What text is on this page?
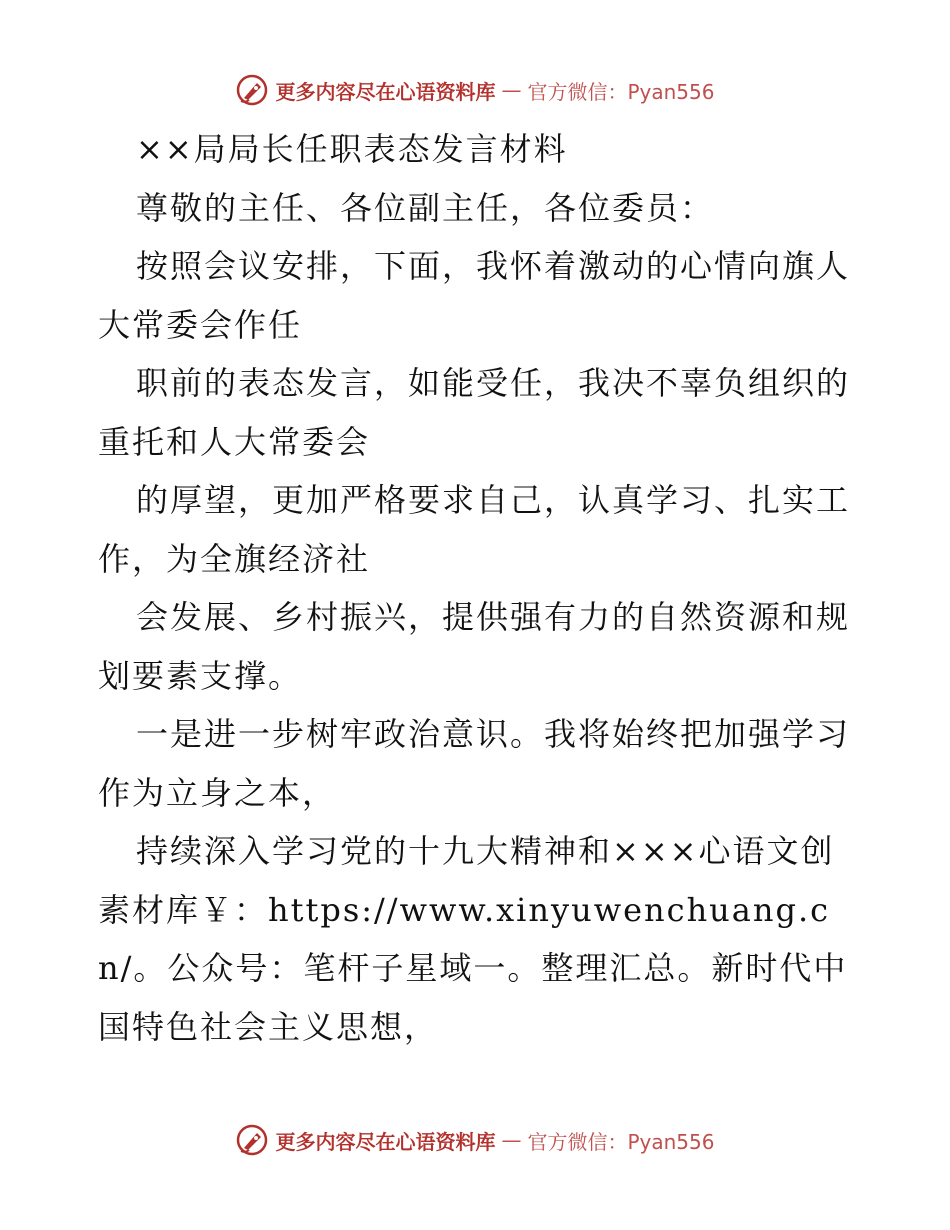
更多内容尽在心语资料库 — 官方微信：Pyan556

××局局长任职表态发言材料

尊敬的主任、各位副主任，各位委员：

按照会议安排，下面，我怀着激动的心情向旗人大常委会作任

职前的表态发言，如能受任，我决不辜负组织的重托和人大常委会

的厚望，更加严格要求自己，认真学习、扎实工作，为全旗经济社

会发展、乡村振兴，提供强有力的自然资源和规划要素支撑。

一是进一步树牢政治意识。我将始终把加强学习作为立身之本，

持续深入学习党的十九大精神和×××心语文创素材库￥：https://www.xinyuwenchuang.cn/。公众号：笔杆子星域一。整理汇总。新时代中国特色社会主义思想，

更多内容尽在心语资料库 — 官方微信：Pyan556
